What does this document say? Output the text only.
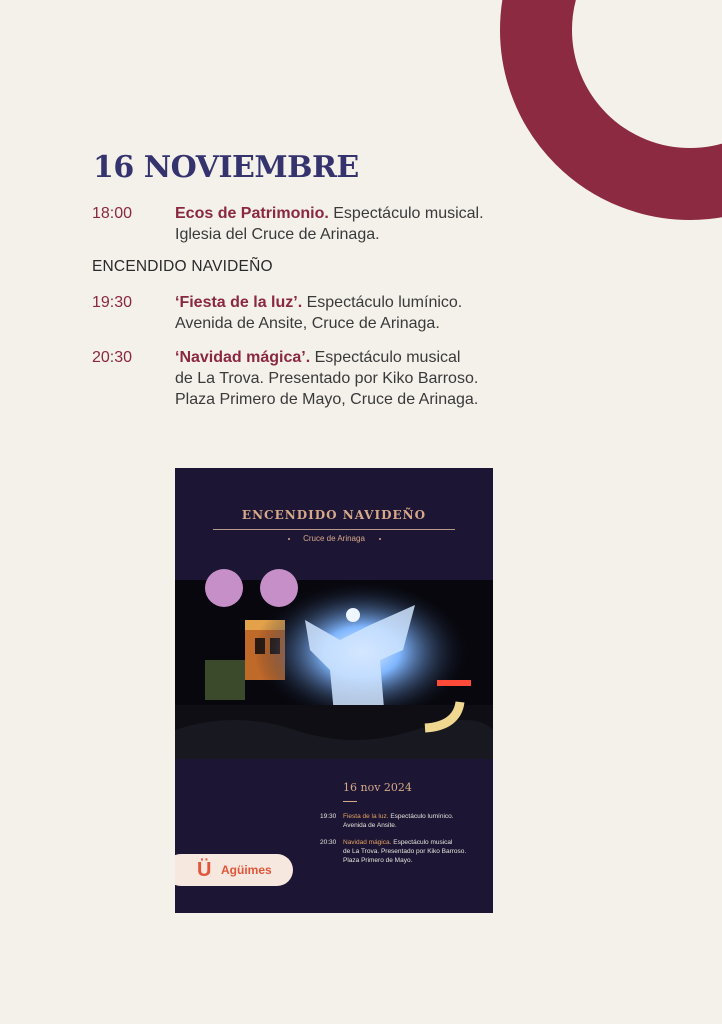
16 NOVIEMBRE
18:00	Ecos de Patrimonio. Espectáculo musical.
Iglesia del Cruce de Arinaga.
ENCENDIDO NAVIDEÑO
19:30	‘Fiesta de la luz’. Espectáculo lumínico.
Avenida de Ansite, Cruce de Arinaga.
20:30	‘Navidad mágica’. Espectáculo musical
de La Trova. Presentado por Kiko Barroso.
Plaza Primero de Mayo, Cruce de Arinaga.
ENCENDIDO NAVIDEÑO
Cruce de Arinaga
16 nov 2024
19:30	Fiesta de la luz. Espectáculo lumínico.
Avenida de Ansite.
20:30	Navidad mágica. Espectáculo musical
de La Trova. Presentado por Kiko Barroso.
Plaza Primero de Mayo.
Ü Agüimes
